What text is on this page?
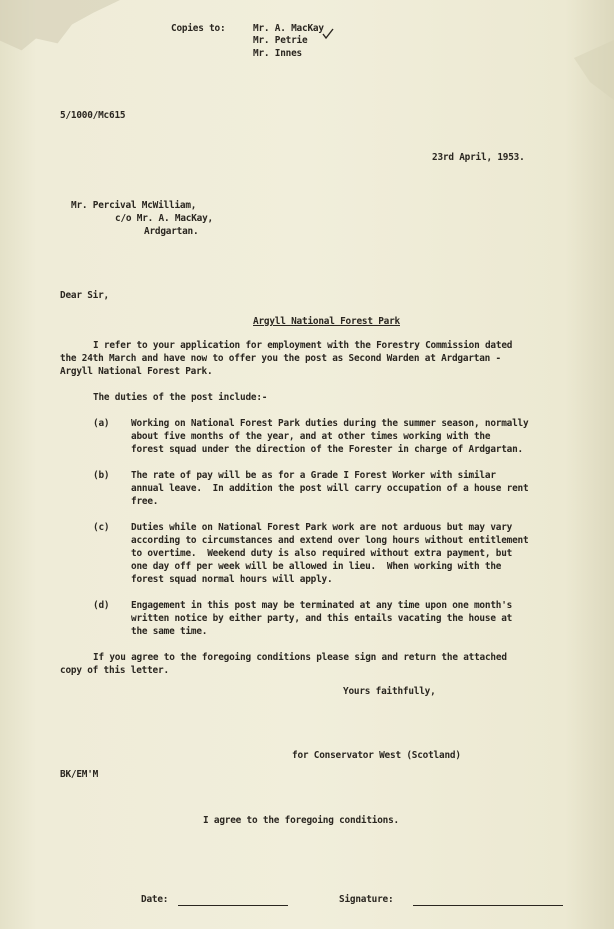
Copies to:	Mr. A. MacKay
Mr. Petrie
Mr. Innes
5/1000/Mc615
23rd April, 1953.
Mr. Percival McWilliam,
c/o Mr. A. MacKay,
Ardgartan.
Dear Sir,
Argyll National Forest Park
I refer to your application for employment with the Forestry Commission dated
the 24th March and have now to offer you the post as Second Warden at Ardgartan -
Argyll National Forest Park.
The duties of the post include:-
(a) Working on National Forest Park duties during the summer season, normally
about five months of the year, and at other times working with the
forest squad under the direction of the Forester in charge of Ardgartan.
(b) The rate of pay will be as for a Grade I Forest Worker with similar
annual leave.  In addition the post will carry occupation of a house rent
free.
(c) Duties while on National Forest Park work are not arduous but may vary
according to circumstances and extend over long hours without entitlement
to overtime.  Weekend duty is also required without extra payment, but
one day off per week will be allowed in lieu.  When working with the
forest squad normal hours will apply.
(d) Engagement in this post may be terminated at any time upon one month's
written notice by either party, and this entails vacating the house at
the same time.
If you agree to the foregoing conditions please sign and return the attached
copy of this letter.
Yours faithfully,
for Conservator West (Scotland)
BK/EM'M
I agree to the foregoing conditions.
Date:	Signature:
